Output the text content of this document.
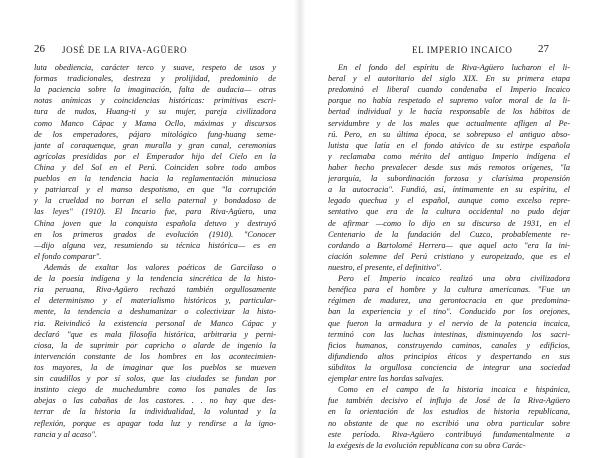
26 JOSÉ DE LA RIVA-AGÜERO
luta obediencia, carácter terco y suave, respeto de usos y
formas tradicionales, destreza y prolijidad, predominio de
la paciencia sobre la imaginación, falta de audacia— otras
notas anímicas y coincidencias históricas: primitivas escri-
tura de nudos, Huang-ti y su mujer, pareja civilizadora
como Manco Cápac y Mama Ocllo, máximas y discursos
de los emperadores, pájaro mitológico fung-huang seme-
jante al coraquenque, gran muralla y gran canal, ceremonias
agrícolas presididas por el Emperador hijo del Cielo en la
China y del Sol en el Perú. Coinciden sobre todo ambos
pueblos en la tendencia hacia la reglamentación minuciosa
y patriarcal y el manso despotismo, en que "la corrupción
y la crueldad no borran el sello paternal y bondadoso de
las leyes" (1910). El Incario fue, para Riva-Agüero, una
China joven que la conquista española detuvo y destruyó
en los primeros grados de evolución (1910). "Conocer
—dijo alguna vez, resumiendo su técnica histórica— es en
el fondo comparar".
Además de exaltar los valores poéticos de Garcilaso o
de la poesía indígena y la tendencia sincrética de la histo-
ria peruana, Riva-Agüero rechazó también orgullosamente
el determinismo y el materialismo históricos y, particular-
mente, la tendencia a deshumanizar o colectivizar la histo-
ria. Reivindicó la existencia personal de Manco Cápac y
declaró "que es mala filosofía histórica, arbitraria y perni-
ciosa, la de suprimir por capricho o alarde de ingenio la
intervención constante de los hombres en los acontecimien-
tos mayores, la de imaginar que los pueblos se mueven
sin caudillos y por sí solos, que las ciudades se fundan por
instinto ciego de muchedumbre como los panales de las
abejas o las cabañas de los castores. . . no hay que des-
terrar de la historia la individualidad, la voluntad y la
reflexión, porque es apagar toda luz y rendirse a la igno-
rancia y al acaso".
EL IMPERIO INCAICO 27
En el fondo del espíritu de Riva-Agüero lucharon el li-
beral y el autoritario del siglo XIX. En su primera etapa
predominó el liberal cuando condenaba el Imperio Incaico
porque no había respetado el supremo valor moral de la li-
bertad individual y le hacía responsable de los hábitos de
servidumbre y de los males que actualmente afligen al Pe-
rú. Pero, en su última época, se sobrepuso el antiguo abso-
lutista que latía en el fondo atávico de su estirpe española
y reclamaba como mérito del antiguo Imperio indígena el
haber hecho prevalecer desde sus más remotos orígenes, "la
jerarquía, la subordinación forzosa y clarísima propensión
a la autocracia". Fundió, así, íntimamente en su espíritu, el
legado quechua y el español, aunque como excelso repre-
sentativo que era de la cultura occidental no pudo dejar
de afirmar —como lo dijo en su discurso de 1931, en el
Centenario de la fundación del Cuzco, probablemente re-
cordando a Bartolomé Herrera— que aquel acto "era la ini-
ciación solemne del Perú cristiano y europeizado, que es el
nuestro, el presente, el definitivo".
Pero el Imperio incaico realizó una obra civilizadora
benéfica para el hombre y la cultura americanas. "Fue un
régimen de madurez, una gerontocracia en que predomina-
ban la experiencia y el tino". Conducido por los orejones,
que fueron la armadura y el nervio de la potencia incaica,
terminó con las luchas intestinas, disminuyendo los sacri-
ficios humanos, construyendo caminos, canales y edificios,
difundiendo altos principios éticos y despertando en sus
súbditos la orgullosa conciencia de integrar una sociedad
ejemplar entre las hordas salvajes.
Como en el campo de la historia incaica e hispánica,
fue también decisivo el influjo de José de la Riva-Agüero
en la orientación de los estudios de historia republicana,
no obstante de que no escribió una obra particular sobre
este período. Riva-Agüero contribuyó fundamentalmente a
la exégesis de la evolución republicana con su obra Carác-
